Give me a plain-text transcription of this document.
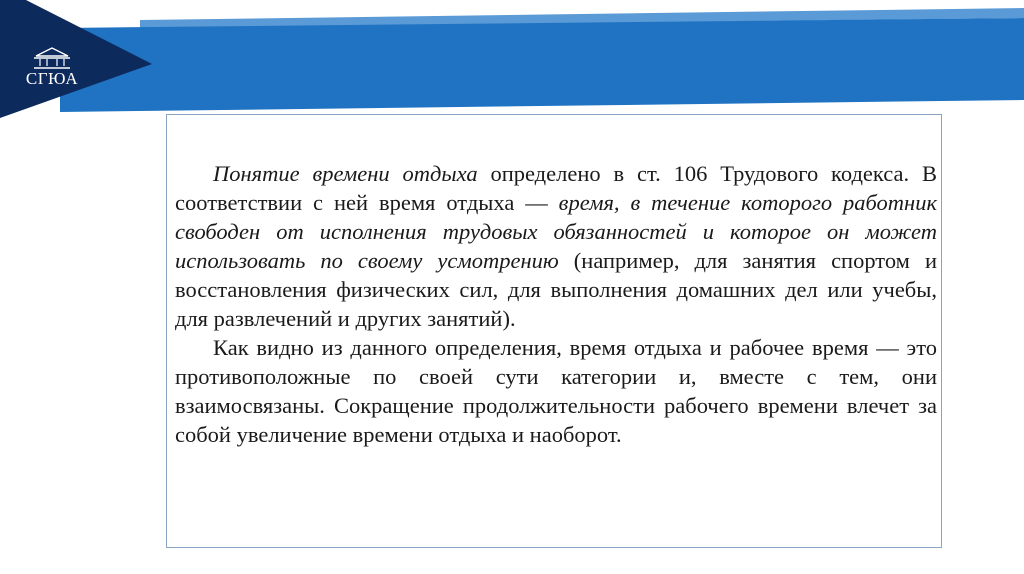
СГЮА

Понятие времени отдыха определено в ст. 106 Трудового кодекса. В соответствии с ней время отдыха — время, в течение которого работник свободен от исполнения трудовых обязанностей и которое он может использовать по своему усмотрению (например, для занятия спортом и восстановления физических сил, для выполнения домашних дел или учебы, для развлечений и других занятий).

Как видно из данного определения, время отдыха и рабочее время — это противоположные по своей сути категории и, вместе с тем, они взаимосвязаны. Сокращение продолжительности рабочего времени влечет за собой увеличение времени отдыха и наоборот.
